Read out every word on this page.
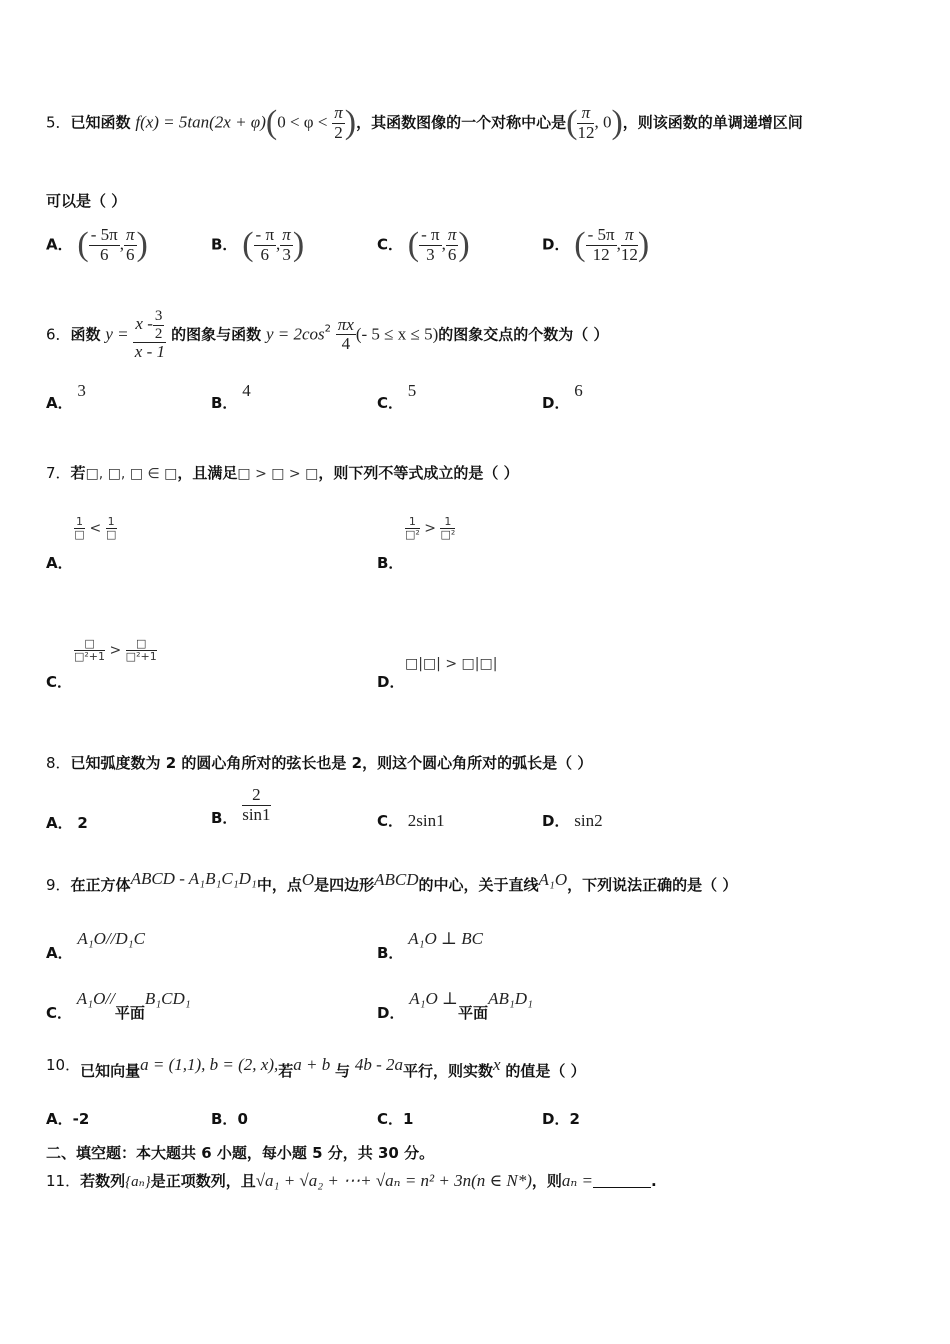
5．已知函数 $f(x) = 5\tan(2x + \varphi)(0 < \varphi < \frac{\pi}{2}$ )，其函数图像的一个对称中心是( $\frac{\pi}{12}$ , 0)，则该函数的单调递增区间
可以是（ ）
A． ( $\frac{- 5\pi}{6}$ , $\frac{\pi}{6}$ )	B． ( $\frac{- \pi}{6}$ , $\frac{\pi}{3}$ )	C． ( $\frac{- \pi}{3}$ , $\frac{\pi}{6}$ )	D． ( $\frac{- 5\pi}{12}$ , $\frac{\pi}{12}$ )
6．函数 $y = \frac{x - \frac{3}{2}}{x - 1}$ 的图象与函数 $y = 2\cos^2 \frac{\pi x}{4}$ (- 5 ≤ x ≤ 5)的图象交点的个数为（ ）
A． 3
B． 4
C． 5
D． 6
7．若□, □, □ ∈ □，且满足□ > □ > □，则下列不等式成立的是（ ）
$\frac{1}{□} < \frac{1}{□}$
A．
$\frac{1}{\text{□²}} > \frac{1}{\text{□²}}$
B．
$\frac{□}{\text{□²+1}} > \frac{□}{\text{□²+1}}$
C．
□|□| > □|□|
D．
8．已知弧度数为 2 的圆心角所对的弦长也是 2，则这个圆心角所对的弧长是（ ）
A． 2	B． $\frac{2}{\sin 1}$	C． 2sin1	D． sin2
9．在正方体ABCD - A₁B₁C₁D₁中，点O是四边形ABCD的中心，关于直线A₁O，下列说法正确的是（ ）
A． A₁O//D₁C
B． A₁O ⊥ BC
C． A₁O//平面B₁CD₁
D． A₁O ⊥平面AB₁D₁
10．已知向量a = (1,1), b = (2, x),若a + b 与 4b - 2a平行，则实数x 的值是（ ）
A．-2	B．0	C．1	D．2
二、填空题：本大题共 6 小题，每小题 5 分，共 30 分。
11．若数列{aₙ}是正项数列，且√a₁ + √a₂ + ⋯+ √aₙ = n² + 3n(n ∈ N*)，则aₙ =	.
